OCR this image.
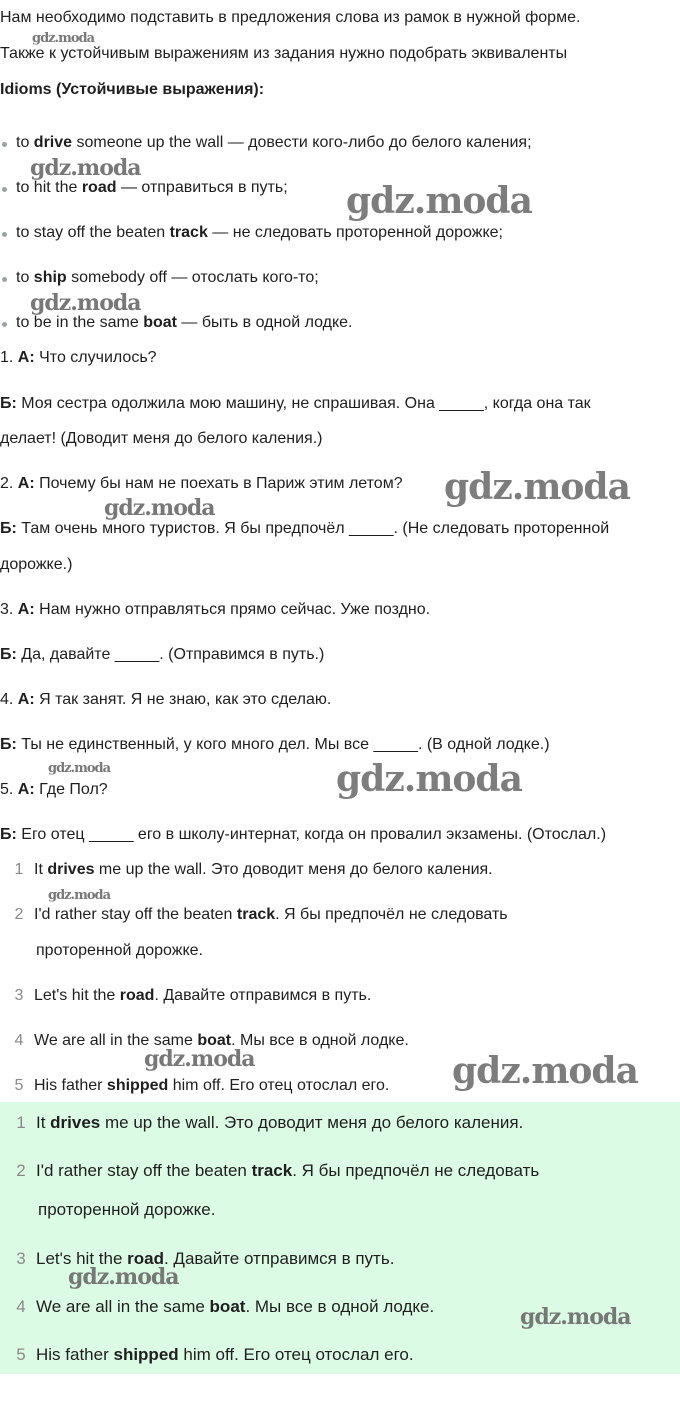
Нам необходимо подставить в предложения слова из рамок в нужной форме.
Также к устойчивым выражениям из задания нужно подобрать эквиваленты
Idioms (Устойчивые выражения):
to drive someone up the wall — довести кого-либо до белого каления;
to hit the road — отправиться в путь;
to stay off the beaten track — не следовать проторенной дорожке;
to ship somebody off — отослать кого-то;
to be in the same boat — быть в одной лодке.
1. А: Что случилось?
Б: Моя сестра одолжила мою машину, не спрашивая. Она _____, когда она так
делает! (Доводит меня до белого каления.)
2. А: Почему бы нам не поехать в Париж этим летом?
Б: Там очень много туристов. Я бы предпочёл _____. (Не следовать проторенной
дорожке.)
3. А: Нам нужно отправляться прямо сейчас. Уже поздно.
Б: Да, давайте _____. (Отправимся в путь.)
4. А: Я так занят. Я не знаю, как это сделаю.
Б: Ты не единственный, у кого много дел. Мы все _____. (В одной лодке.)
5. А: Где Пол?
Б: Его отец _____ его в школу-интернат, когда он провалил экзамены. (Отослал.)
1 It drives me up the wall. Это доводит меня до белого каления.
2 I'd rather stay off the beaten track. Я бы предпочёл не следовать
проторенной дорожке.
3 Let's hit the road. Давайте отправимся в путь.
4 We are all in the same boat. Мы все в одной лодке.
5 His father shipped him off. Его отец отослал его.
1 It drives me up the wall. Это доводит меня до белого каления.
2 I'd rather stay off the beaten track. Я бы предпочёл не следовать
проторенной дорожке.
3 Let's hit the road. Давайте отправимся в путь.
4 We are all in the same boat. Мы все в одной лодке.
5 His father shipped him off. Его отец отослал его.
gdz.moda
gdz.moda
gdz.moda
gdz.moda
gdz.moda
gdz.moda
gdz.moda	gdz.moda
gdz.moda
gdz.moda	gdz.moda
gdz.moda
gdz.moda
